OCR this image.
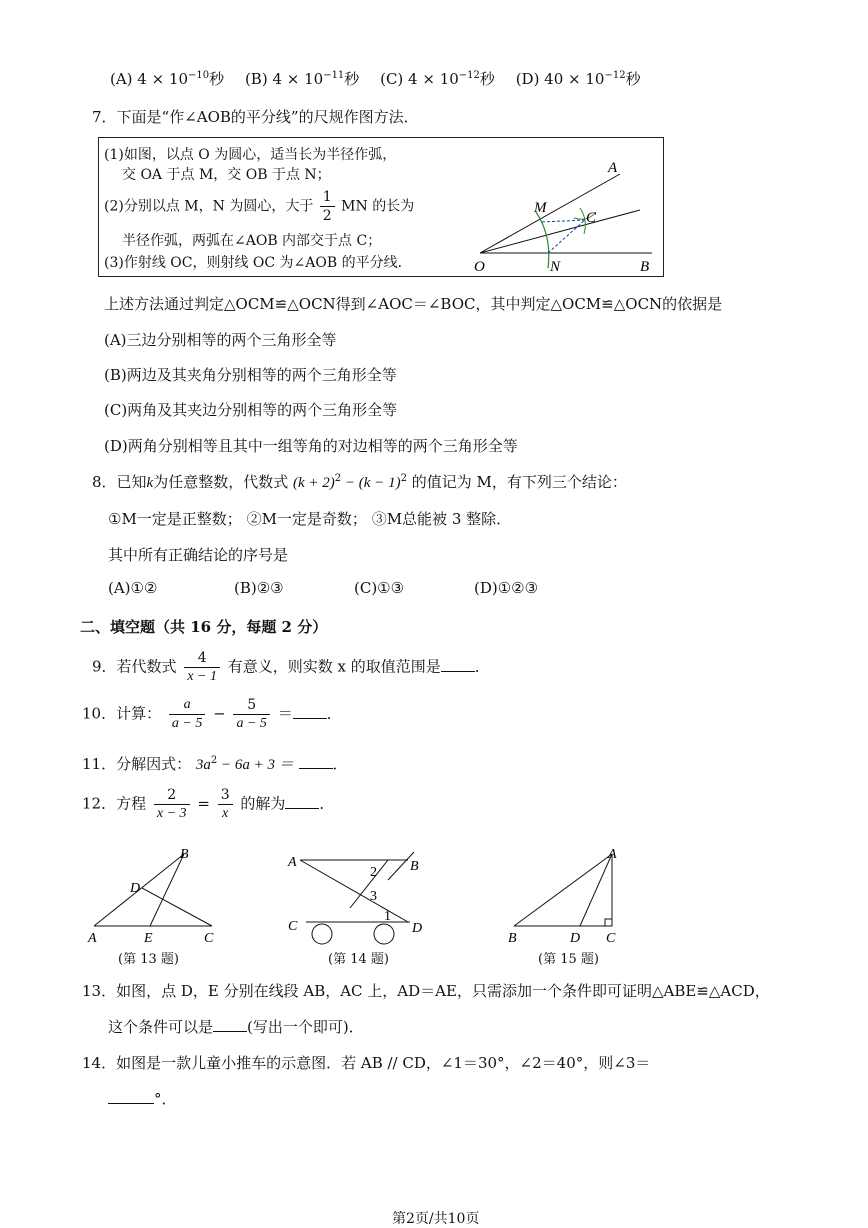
(A) $4 \times 10^{-10}$秒 (B) $4 \times 10^{-11}$秒 (C) $4 \times 10^{-12}$秒 (D) $40 \times 10^{-12}$秒
7．下面是“作∠AOB的平分线”的尺规作图方法．
(1)如图，以点 O 为圆心，适当长为半径作弧，
交 OA 于点 M，交 OB 于点 N；
(2)分别以点 M，N 为圆心，大于 $\frac{1}{2}$ MN 的长为
半径作弧，两弧在∠AOB 内部交于点 C；
(3)作射线 OC，则射线 OC 为∠AOB 的平分线．
A
M
C
O	N	B
上述方法通过判定△OCM≌△OCN得到∠AOC＝∠BOC，其中判定△OCM≌△OCN的依据是
(A)三边分别相等的两个三角形全等
(B)两边及其夹角分别相等的两个三角形全等
(C)两角及其夹边分别相等的两个三角形全等
(D)两角分别相等且其中一组等角的对边相等的两个三角形全等
8．已知k为任意整数，代数式 $(k + 2)^2 - (k - 1)^2$ 的值记为 M，有下列三个结论：
①M一定是正整数； ②M一定是奇数； ③M总能被 3 整除．
其中所有正确结论的序号是
(A)①②	(B)②③	(C)①③	(D)①②③
二、填空题（共 16 分，每题 2 分）
9．若代数式 $\frac{4}{x - 1}$ 有意义，则实数 x 的取值范围是 ．
10．计算： $\frac{a}{a - 5} - \frac{5}{a - 5}$ ＝ ．
11．分解因式： $3a^2 - 6a + 3$ ＝	．
12．方程 $\frac{2}{x - 3} = \frac{3}{x}$ 的解为 ．
B
D
A	E	C
(第 13 题)
A	B
2
3
1
C	D
(第 14 题)
A
B	D C
(第 15 题)
13．如图，点 D，E 分别在线段 AB，AC 上，AD＝AE，只需添加一个条件即可证明△ABE≌△ACD，
这个条件可以是 (写出一个即可)．
14．如图是一款儿童小推车的示意图．若 AB // CD，∠1＝30°，∠2＝40°，则∠3＝
°．
第2页/共10页
